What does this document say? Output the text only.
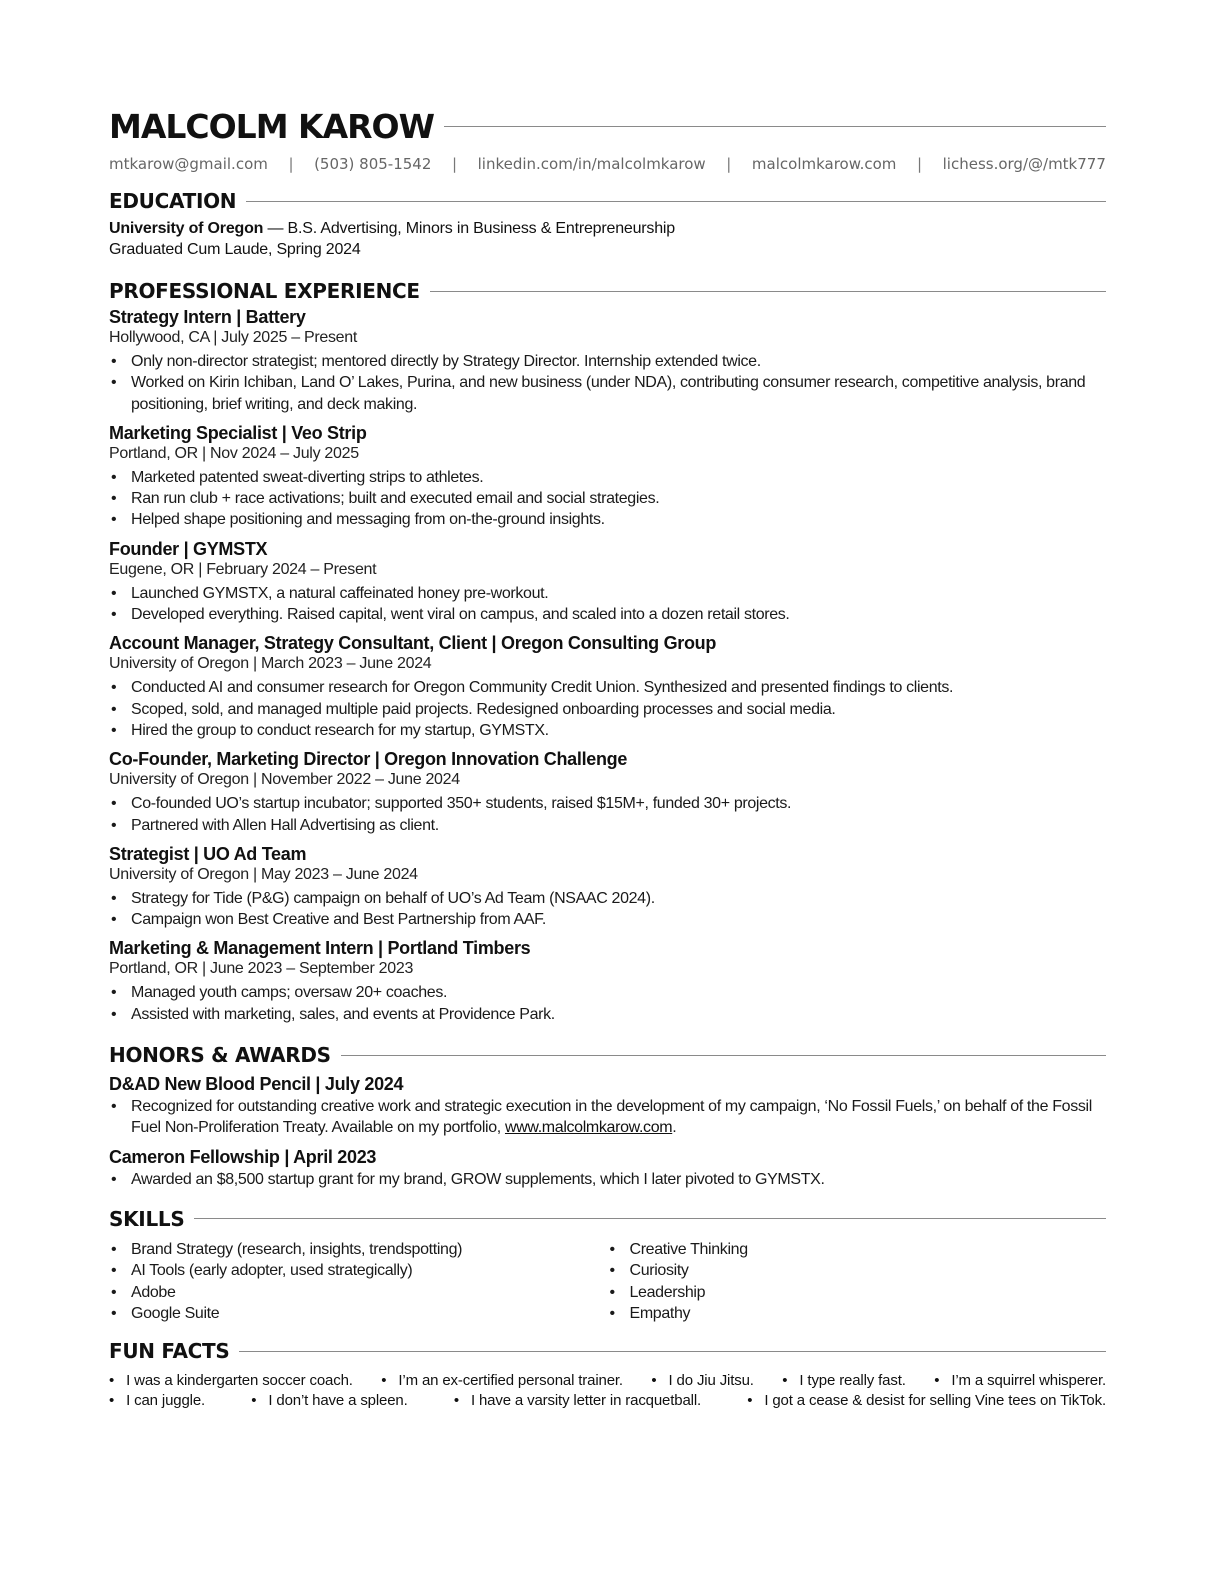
MALCOLM KAROW
mtkarow@gmail.com | (503) 805-1542 | linkedin.com/in/malcolmkarow | malcolmkarow.com | lichess.org/@/mtk777
EDUCATION
University of Oregon — B.S. Advertising, Minors in Business & Entrepreneurship
Graduated Cum Laude, Spring 2024
PROFESSIONAL EXPERIENCE
Strategy Intern | Battery
Hollywood, CA | July 2025 – Present
• Only non-director strategist; mentored directly by Strategy Director. Internship extended twice.
• Worked on Kirin Ichiban, Land O’ Lakes, Purina, and new business (under NDA), contributing consumer research, competitive analysis, brand positioning, brief writing, and deck making.
Marketing Specialist | Veo Strip
Portland, OR | Nov 2024 – July 2025
• Marketed patented sweat-diverting strips to athletes.
• Ran run club + race activations; built and executed email and social strategies.
• Helped shape positioning and messaging from on-the-ground insights.
Founder | GYMSTX
Eugene, OR | February 2024 – Present
• Launched GYMSTX, a natural caffeinated honey pre-workout.
• Developed everything. Raised capital, went viral on campus, and scaled into a dozen retail stores.
Account Manager, Strategy Consultant, Client | Oregon Consulting Group
University of Oregon | March 2023 – June 2024
• Conducted AI and consumer research for Oregon Community Credit Union. Synthesized and presented findings to clients.
• Scoped, sold, and managed multiple paid projects. Redesigned onboarding processes and social media.
• Hired the group to conduct research for my startup, GYMSTX.
Co-Founder, Marketing Director | Oregon Innovation Challenge
University of Oregon | November 2022 – June 2024
• Co-founded UO’s startup incubator; supported 350+ students, raised $15M+, funded 30+ projects.
• Partnered with Allen Hall Advertising as client.
Strategist | UO Ad Team
University of Oregon | May 2023 – June 2024
• Strategy for Tide (P&G) campaign on behalf of UO’s Ad Team (NSAAC 2024).
• Campaign won Best Creative and Best Partnership from AAF.
Marketing & Management Intern | Portland Timbers
Portland, OR | June 2023 – September 2023
• Managed youth camps; oversaw 20+ coaches.
• Assisted with marketing, sales, and events at Providence Park.
HONORS & AWARDS
D&AD New Blood Pencil | July 2024
• Recognized for outstanding creative work and strategic execution in the development of my campaign, ‘No Fossil Fuels,’ on behalf of the Fossil Fuel Non-Proliferation Treaty. Available on my portfolio, www.malcolmkarow.com.
Cameron Fellowship | April 2023
• Awarded an $8,500 startup grant for my brand, GROW supplements, which I later pivoted to GYMSTX.
SKILLS
• Brand Strategy (research, insights, trendspotting)
• AI Tools (early adopter, used strategically)
• Adobe
• Google Suite
• Creative Thinking
• Curiosity
• Leadership
• Empathy
FUN FACTS
• I was a kindergarten soccer coach.	• I’m an ex-certified personal trainer.	• I do Jiu Jitsu.	• I type really fast.	• I’m a squirrel whisperer.
• I can juggle.	• I don’t have a spleen.	• I have a varsity letter in racquetball.	• I got a cease & desist for selling Vine tees on TikTok.
